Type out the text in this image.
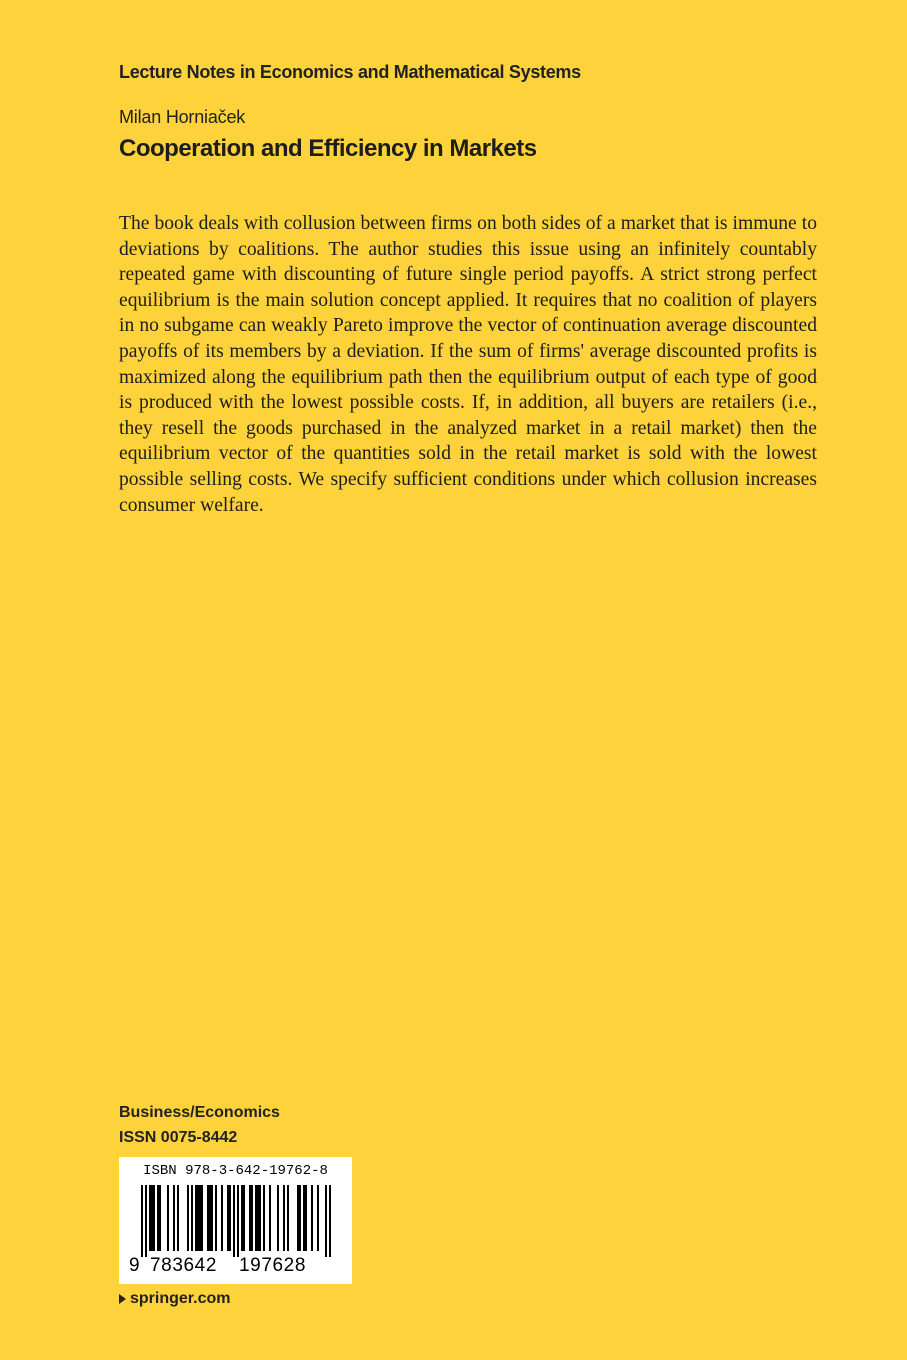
Lecture Notes in Economics and Mathematical Systems
Milan Horniaček
Cooperation and Efficiency in Markets

The book deals with collusion between firms on both sides of a market that is immune to deviations by coalitions. The author studies this issue using an infinitely countably repeated game with discounting of future single period payoffs. A strict strong perfect equilibrium is the main solution concept applied. It requires that no coalition of players in no subgame can weakly Pareto improve the vector of continuation average discounted payoffs of its members by a deviation. If the sum of firms' average discounted profits is maximized along the equilibrium path then the equilibrium output of each type of good is produced with the lowest possible costs. If, in addition, all buyers are retailers (i.e., they resell the goods purchased in the analyzed market in a retail market) then the equilibrium vector of the quantities sold in the retail market is sold with the lowest possible selling costs. We specify sufficient conditions under which collusion increases consumer welfare.

Business/Economics
ISSN 0075-8442
ISBN 978-3-642-19762-8
9 783642 197628
springer.com
